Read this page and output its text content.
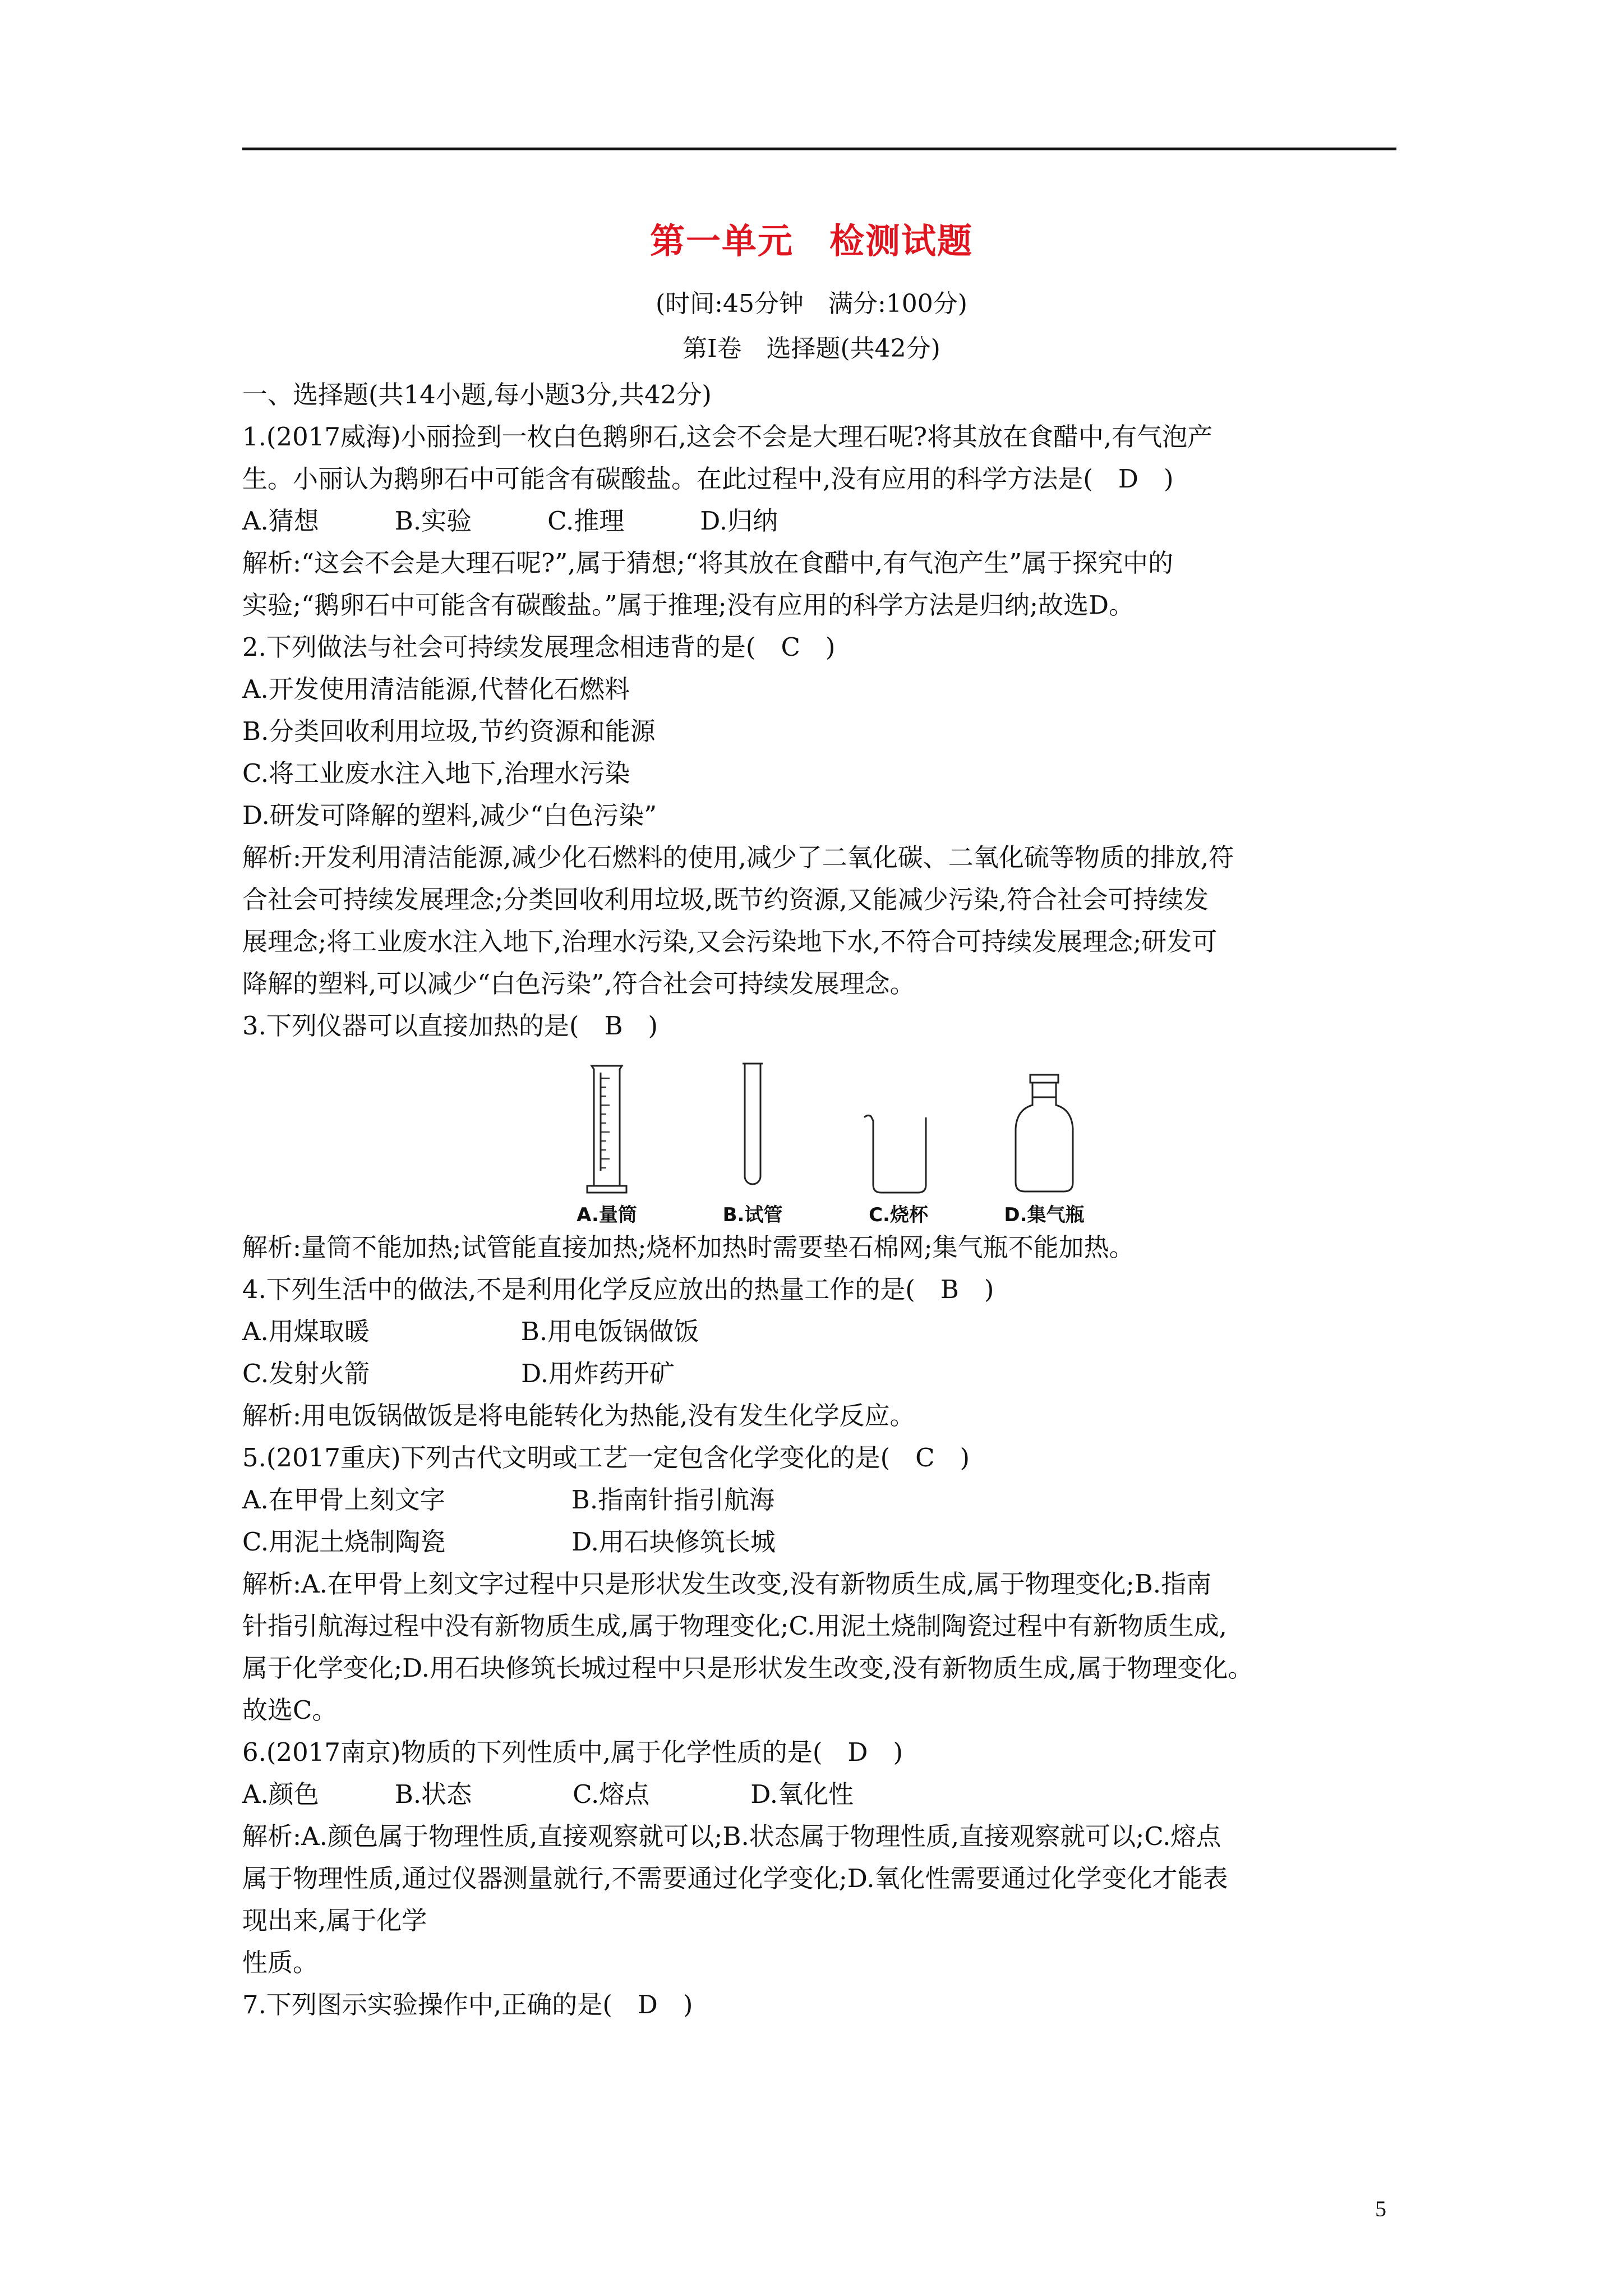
第一单元　检测试题
(时间:45分钟　满分:100分)
第Ⅰ卷　选择题(共42分)

一、选择题(共14小题,每小题3分,共42分)

1.(2017威海)小丽捡到一枚白色鹅卵石,这会不会是大理石呢?将其放在食醋中,有气泡产

生。小丽认为鹅卵石中可能含有碳酸盐。在此过程中,没有应用的科学方法是(　D　)

A.猜想　　　B.实验　　　C.推理　　　D.归纳

解析:“这会不会是大理石呢?”,属于猜想;“将其放在食醋中,有气泡产生”属于探究中的

实验;“鹅卵石中可能含有碳酸盐。”属于推理;没有应用的科学方法是归纳;故选D。

2.下列做法与社会可持续发展理念相违背的是(　C　)

A.开发使用清洁能源,代替化石燃料

B.分类回收利用垃圾,节约资源和能源

C.将工业废水注入地下,治理水污染

D.研发可降解的塑料,减少“白色污染”

解析:开发利用清洁能源,减少化石燃料的使用,减少了二氧化碳、二氧化硫等物质的排放,符

合社会可持续发展理念;分类回收利用垃圾,既节约资源,又能减少污染,符合社会可持续发

展理念;将工业废水注入地下,治理水污染,又会污染地下水,不符合可持续发展理念;研发可

降解的塑料,可以减少“白色污染”,符合社会可持续发展理念。

3.下列仪器可以直接加热的是(　B　)

A.量筒	B.试管	C.烧杯	D.集气瓶

解析:量筒不能加热;试管能直接加热;烧杯加热时需要垫石棉网;集气瓶不能加热。

4.下列生活中的做法,不是利用化学反应放出的热量工作的是(　B　)

A.用煤取暖　　　　　　B.用电饭锅做饭

C.发射火箭　　　　　　D.用炸药开矿

解析:用电饭锅做饭是将电能转化为热能,没有发生化学反应。

5.(2017重庆)下列古代文明或工艺一定包含化学变化的是(　C　)

A.在甲骨上刻文字　　　　　B.指南针指引航海

C.用泥土烧制陶瓷　　　　　D.用石块修筑长城

解析:A.在甲骨上刻文字过程中只是形状发生改变,没有新物质生成,属于物理变化;B.指南

针指引航海过程中没有新物质生成,属于物理变化;C.用泥土烧制陶瓷过程中有新物质生成,

属于化学变化;D.用石块修筑长城过程中只是形状发生改变,没有新物质生成,属于物理变化。

故选C。

6.(2017南京)物质的下列性质中,属于化学性质的是(　D　)

A.颜色　　　B.状态　　　　C.熔点　　　　D.氧化性

解析:A.颜色属于物理性质,直接观察就可以;B.状态属于物理性质,直接观察就可以;C.熔点

属于物理性质,通过仪器测量就行,不需要通过化学变化;D.氧化性需要通过化学变化才能表

现出来,属于化学

性质。

7.下列图示实验操作中,正确的是(　D　)

5
